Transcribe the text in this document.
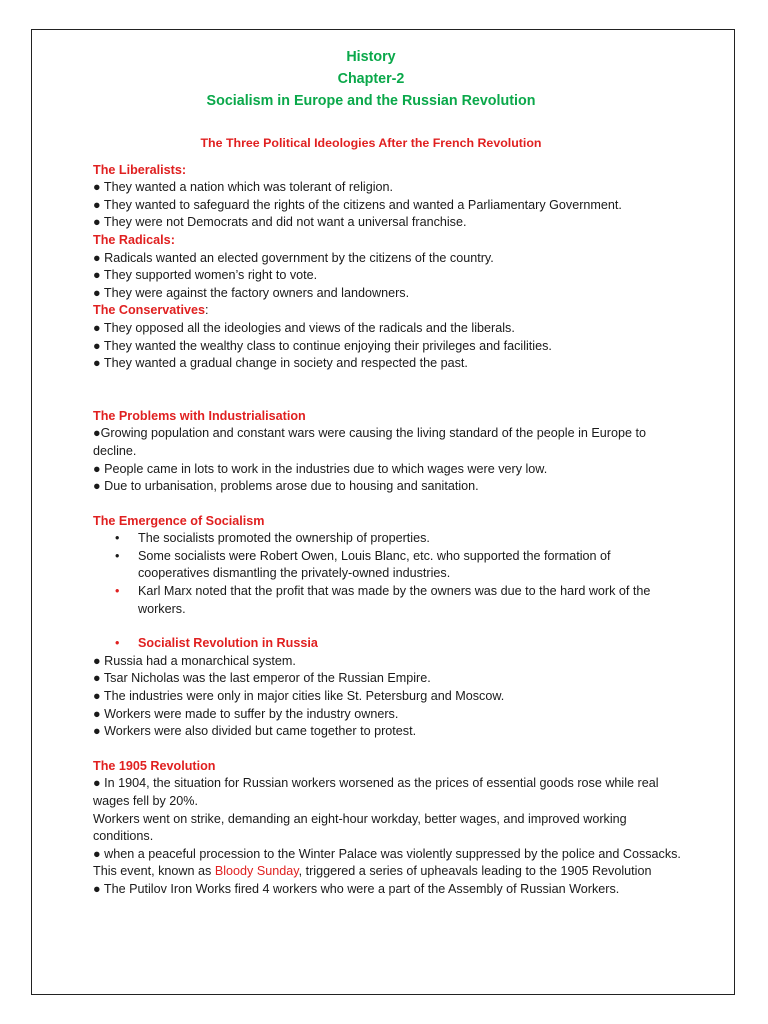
History
Chapter-2
Socialism in Europe and the Russian Revolution
The Three Political Ideologies After the French Revolution
The Liberalists:
● They wanted a nation which was tolerant of religion.
● They wanted to safeguard the rights of the citizens and wanted a Parliamentary Government.
● They were not Democrats and did not want a universal franchise.
The Radicals:
● Radicals wanted an elected government by the citizens of the country.
● They supported women’s right to vote.
● They were against the factory owners and landowners.
The Conservatives:
● They opposed all the ideologies and views of the radicals and the liberals.
● They wanted the wealthy class to continue enjoying their privileges and facilities.
● They wanted a gradual change in society and respected the past.
The Problems with Industrialisation
●Growing population and constant wars were causing the living standard of the people in Europe to decline.
● People came in lots to work in the industries due to which wages were very low.
● Due to urbanisation, problems arose due to housing and sanitation.
The Emergence of Socialism
• The socialists promoted the ownership of properties.
• Some socialists were Robert Owen, Louis Blanc, etc. who supported the formation of cooperatives dismantling the privately-owned industries.
• Karl Marx noted that the profit that was made by the owners was due to the hard work of the workers.
• Socialist Revolution in Russia
● Russia had a monarchical system.
● Tsar Nicholas was the last emperor of the Russian Empire.
● The industries were only in major cities like St. Petersburg and Moscow.
● Workers were made to suffer by the industry owners.
● Workers were also divided but came together to protest.
The 1905 Revolution
● In 1904, the situation for Russian workers worsened as the prices of essential goods rose while real wages fell by 20%.
Workers went on strike, demanding an eight-hour workday, better wages, and improved working conditions.
● when a peaceful procession to the Winter Palace was violently suppressed by the police and Cossacks. This event, known as Bloody Sunday, triggered a series of upheavals leading to the 1905 Revolution
● The Putilov Iron Works fired 4 workers who were a part of the Assembly of Russian Workers.
